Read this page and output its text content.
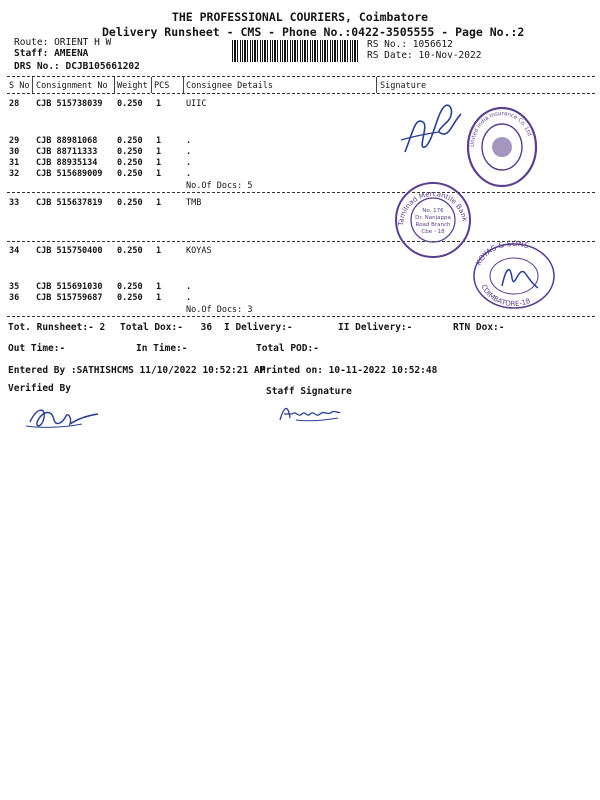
THE PROFESSIONAL COURIERS, Coimbatore
Delivery Runsheet - CMS - Phone No.:0422-3505555 - Page No.:2
Route: ORIENT H W
Staff: AMEENA
DRS No.: DCJB105661202
RS No.: 1056612
RS Date: 10-Nov-2022
S No Consignment No Weight PCS Consignee Details	Signature
28 CJB 515738039 0.250 1	UIIC
29 CJB 88981068 0.250 1	.
30 CJB 88711333 0.250 1	.
31 CJB 88935134 0.250 1	.
32 CJB 515689009 0.250 1	.
No.Of Docs: 5
33 CJB 515637819 0.250 1	TMB
34 CJB 515750400 0.250 1	KOYAS
35 CJB 515691030 0.250 1	.
36 CJB 515759687 0.250 1	.
No.Of Docs: 3
Tot. Runsheet:- 2 Total Dox:- 36 I Delivery:-	II Delivery:-	RTN Dox:-
Out Time:-	In Time:-	Total POD:-
Entered By :SATHISHCMS 11/10/2022 10:52:21 AM
Printed on: 10-11-2022 10:52:48
Verified By	Staff Signature
United India Insurance Co. Ltd
Tamilnad Mercantile Bank Ltd
No. 176
Dr. Nanjappa
Road Branch
Cbe - 18
KOYAS & SONS
COIMBATORE-18
